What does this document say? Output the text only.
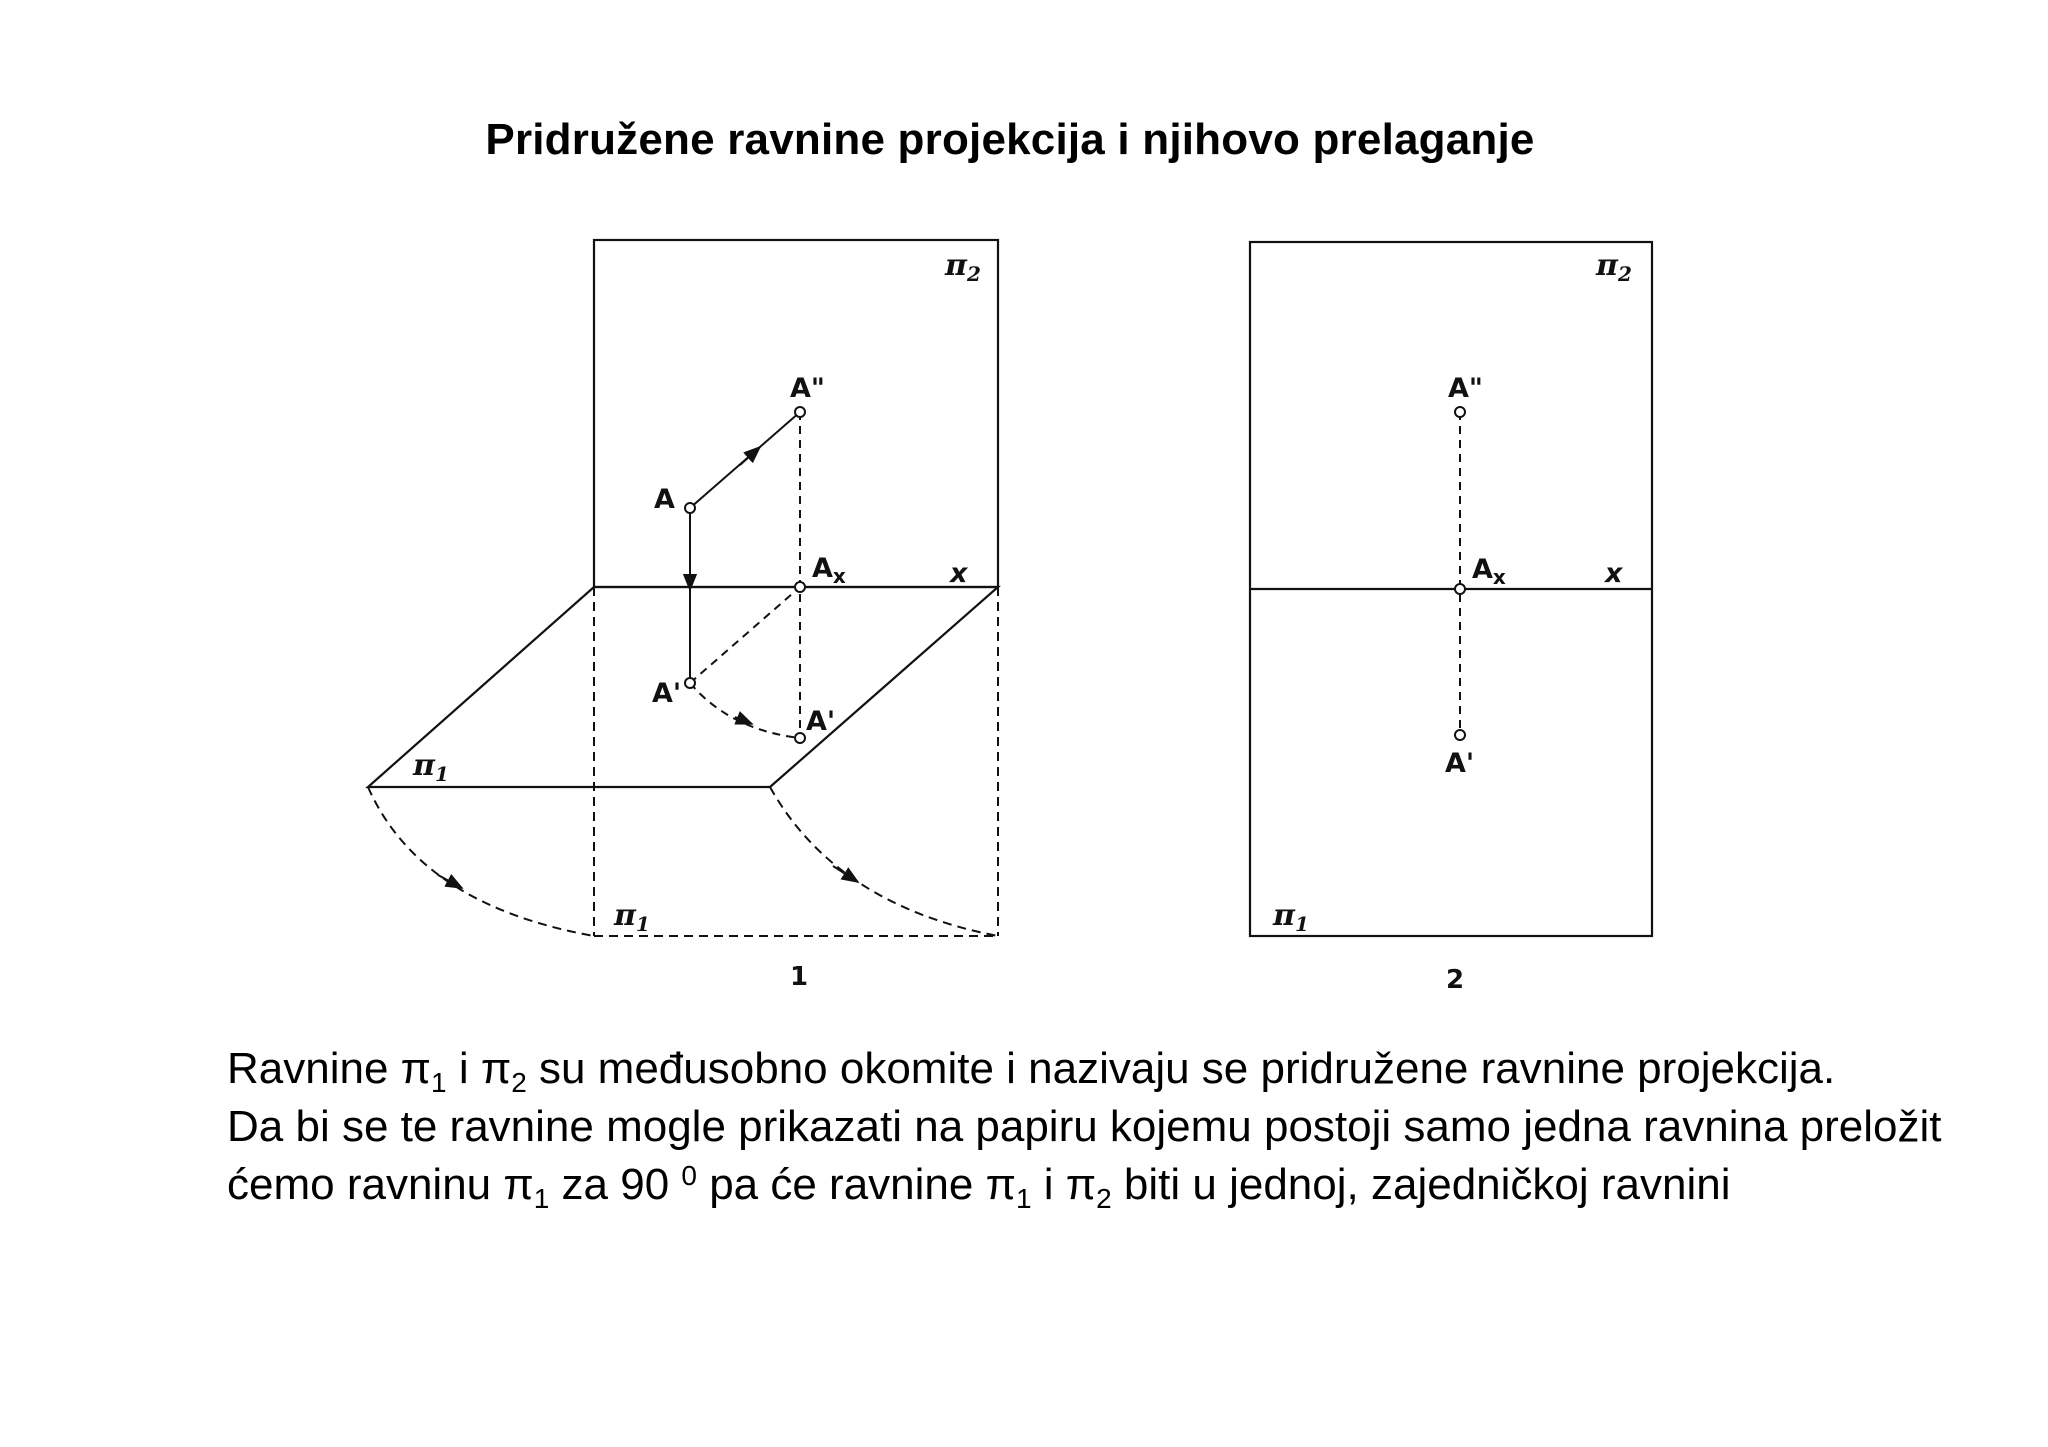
Pridružene ravnine projekcija i njihovo prelaganje
$\pi_2$
A"
A
$A_x$	x
A'
A'
$\pi_1$
$\pi_1$
1
$\pi_2$
A"
$A_x$	x
A'
$\pi_1$
2

Ravnine $\pi_1$ i $\pi_2$ su međusobno okomite i nazivaju se pridružene ravnine projekcija.

Da bi se te ravnine mogle prikazati na papiru kojemu postoji samo jedna ravnina preložit ćemo ravninu $\pi_1$ za 90 $^0$ pa će ravnine $\pi_1$ i $\pi_2$ biti u jednoj, zajedničkoj ravnini
